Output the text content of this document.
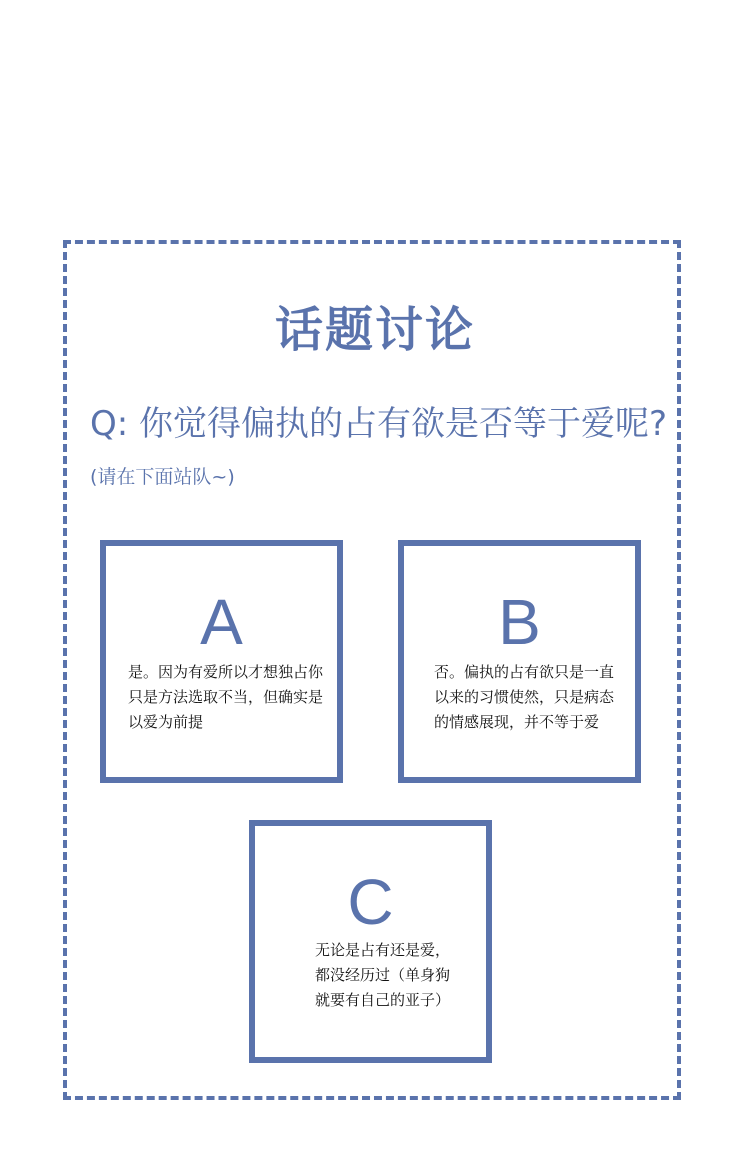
话题讨论
Q: 你觉得偏执的占有欲是否等于爱呢?
(请在下面站队~)
A
是。因为有爱所以才想独占你
只是方法选取不当，但确实是
以爱为前提
B
否。偏执的占有欲只是一直
以来的习惯使然，只是病态
的情感展现，并不等于爱
C
无论是占有还是爱，
都没经历过（单身狗
就要有自己的亚子）
